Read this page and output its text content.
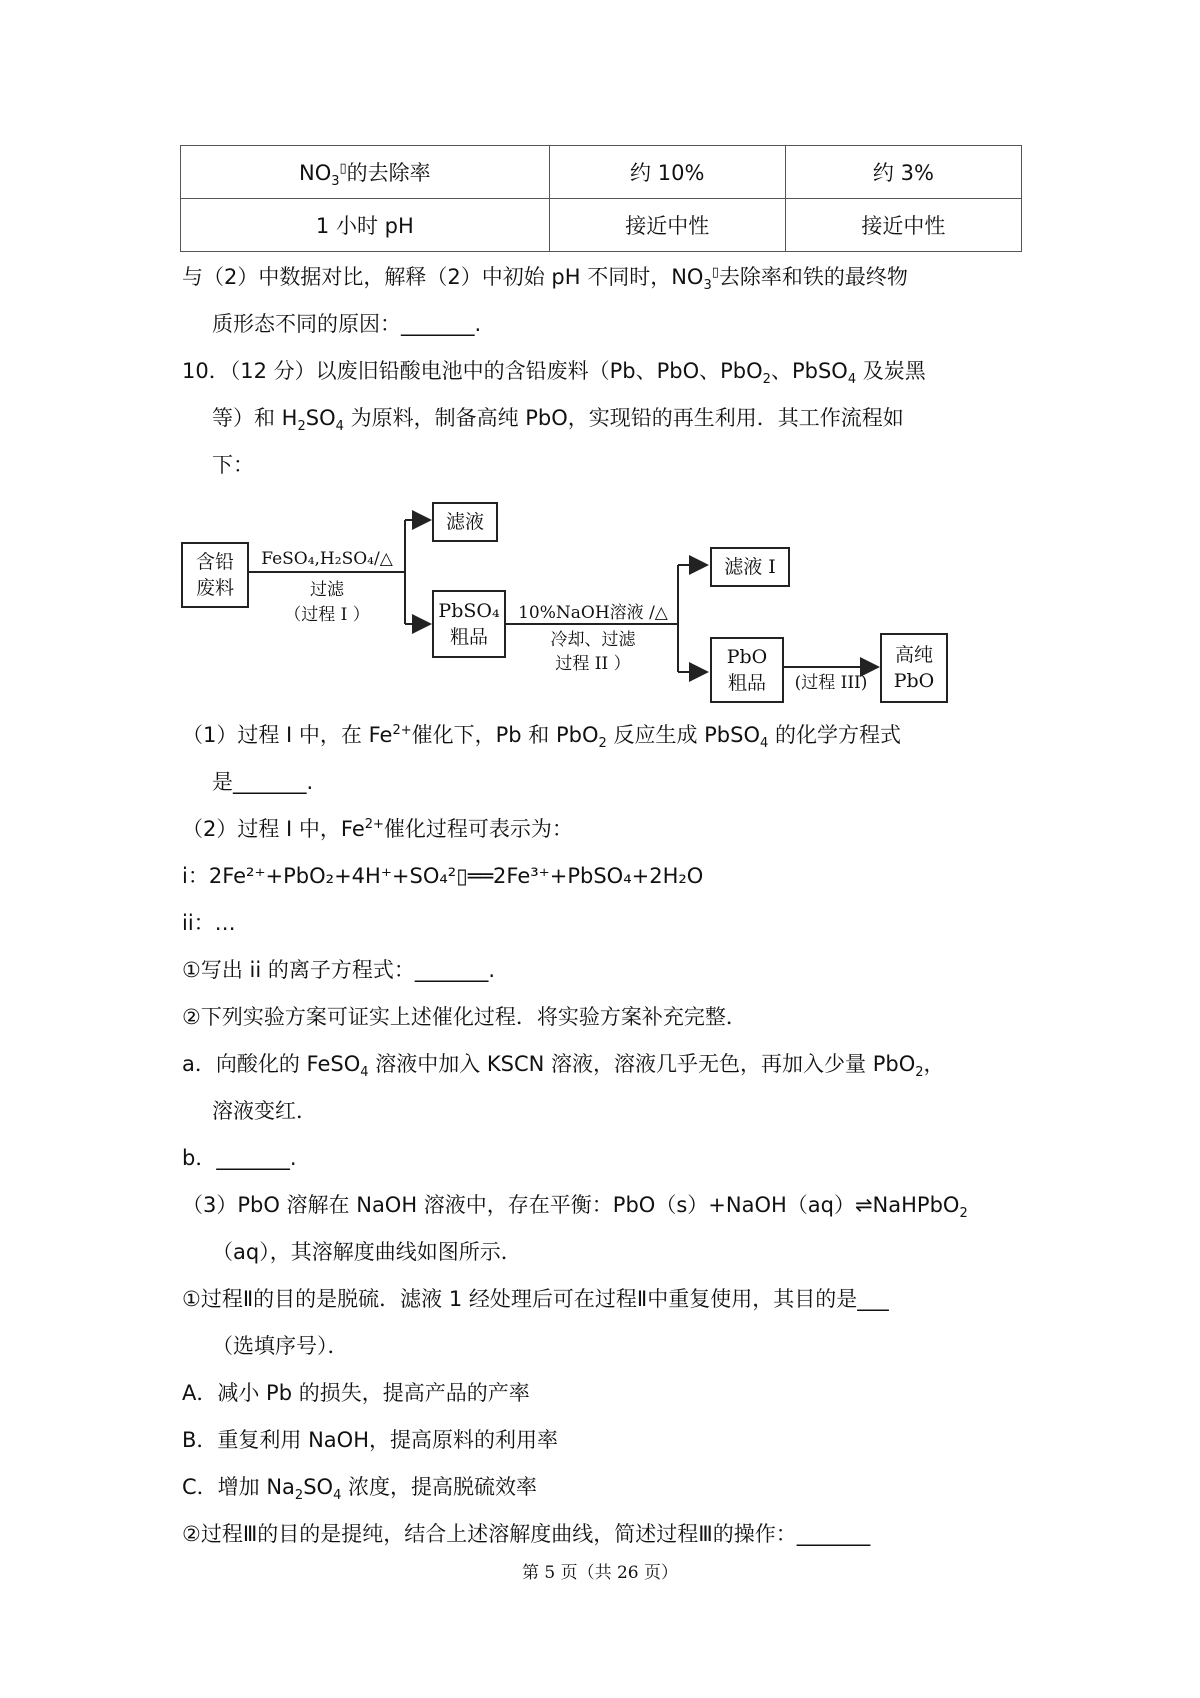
$NO_3^▯$的去除率	约 10%	约 3%
1 小时 pH	接近中性	接近中性
与（2）中数据对比，解释（2）中初始 pH 不同时，$NO_3^▯$去除率和铁的最终物
质形态不同的原因：_______.
10．（12 分）以废旧铅酸电池中的含铅废料（Pb、PbO、PbO$_2$、PbSO$_4$ 及炭黑
等）和 $H_2SO_4$ 为原料，制备高纯 PbO，实现铅的再生利用．其工作流程如
下：
含铅
废料
FeSO₄,H₂SO₄/△
过滤
（过程 I ）
滤液
PbSO₄
粗品
10%NaOH溶液 /△
冷却、过滤
过程 II ）
滤液 I
PbO
粗品	(过程 III)
高纯
PbO
（1）过程 I 中，在 $Fe^{2+}$催化下，Pb 和 PbO$_2$ 反应生成 PbSO$_4$ 的化学方程式
是_______.
（2）过程 I 中，$Fe^{2+}$催化过程可表示为：
i：2Fe²⁺+PbO₂+4H⁺+SO₄²▯══2Fe³⁺+PbSO₄+2H₂O
ii：…
①写出 ii 的离子方程式：_______.
②下列实验方案可证实上述催化过程．将实验方案补充完整．
a．向酸化的 FeSO$_4$ 溶液中加入 KSCN 溶液，溶液几乎无色，再加入少量 PbO$_2$，
溶液变红．
b．_______.
（3）PbO 溶解在 NaOH 溶液中，存在平衡：PbO（s）+NaOH（aq）⇌NaHPbO$_2$
（aq），其溶解度曲线如图所示．
①过程Ⅱ的目的是脱硫．滤液 1 经处理后可在过程Ⅱ中重复使用，其目的是___
（选填序号）．
A．减小 Pb 的损失，提高产品的产率
B．重复利用 NaOH，提高原料的利用率
C．增加 $Na_2SO_4$ 浓度，提高脱硫效率
②过程Ⅲ的目的是提纯，结合上述溶解度曲线，简述过程Ⅲ的操作：_______
第 5 页（共 26 页）
